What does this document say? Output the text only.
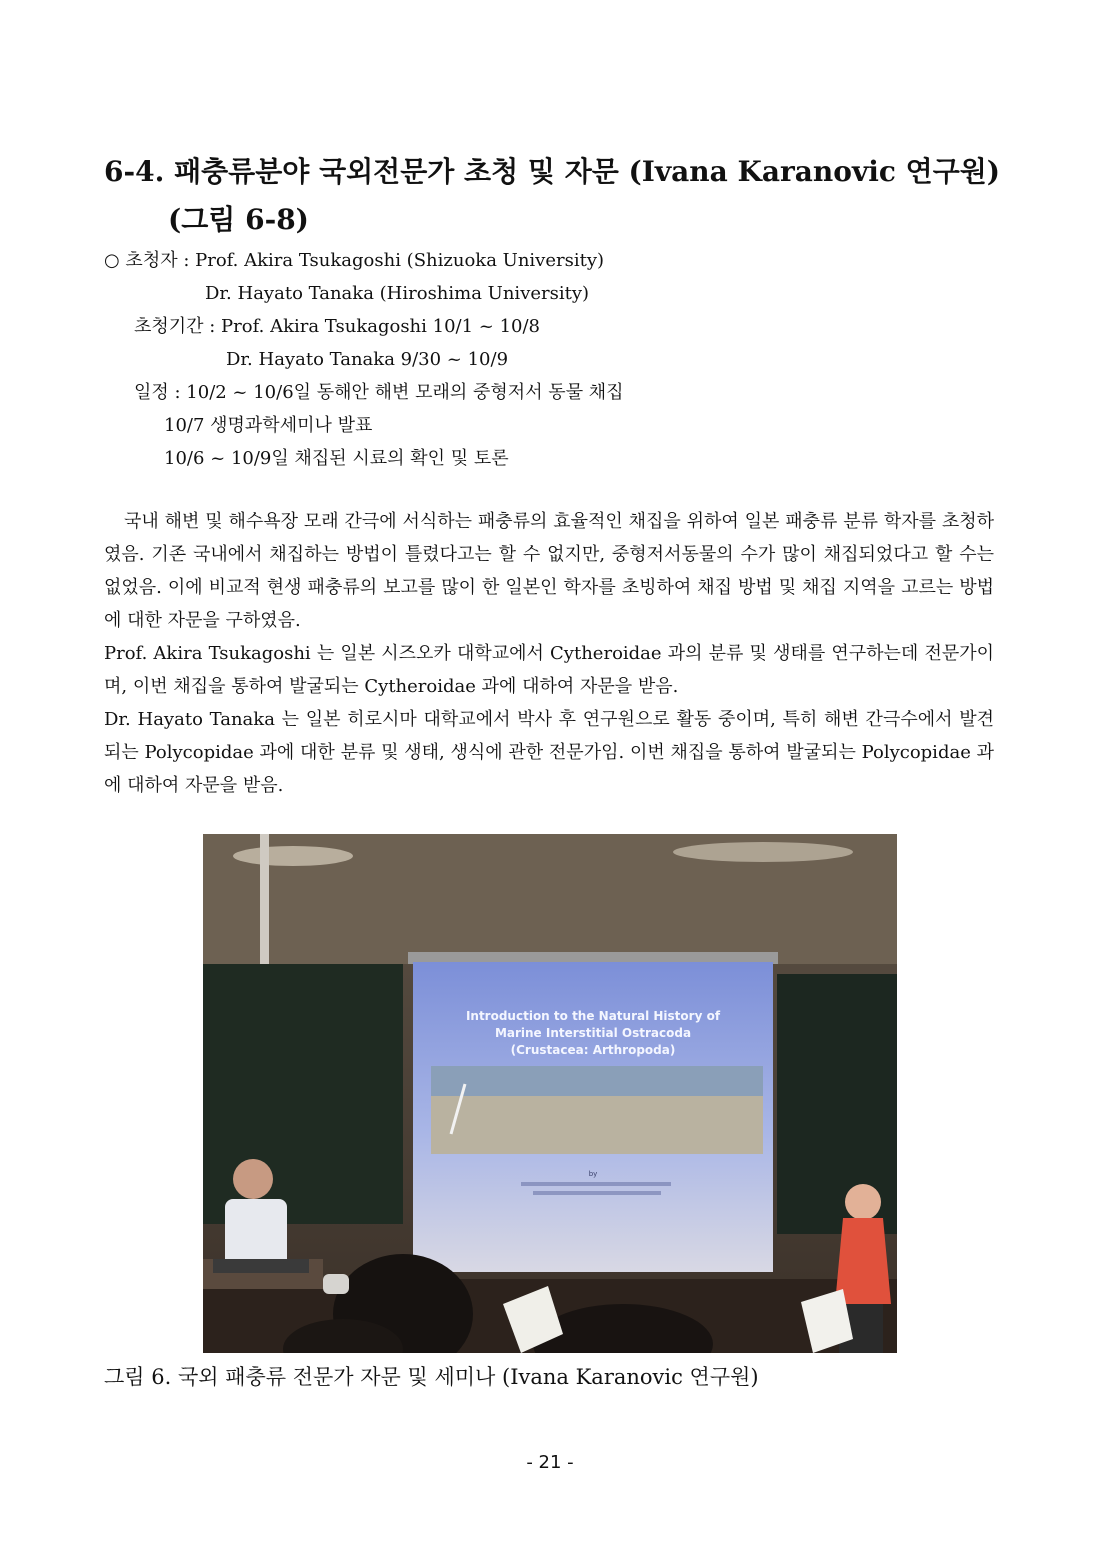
6-4. 패충류분야 국외전문가 초청 및 자문 (Ivana Karanovic 연구원)
(그림 6-8)
○ 초청자 : Prof. Akira Tsukagoshi (Shizuoka University)
Dr. Hayato Tanaka (Hiroshima University)
초청기간 : Prof. Akira Tsukagoshi 10/1 ~ 10/8
Dr. Hayato Tanaka 9/30 ~ 10/9
일정 : 10/2 ~ 10/6일 동해안 해변 모래의 중형저서 동물 채집
10/7 생명과학세미나 발표
10/6 ~ 10/9일 채집된 시료의 확인 및 토론

국내 해변 및 해수욕장 모래 간극에 서식하는 패충류의 효율적인 채집을 위하여 일본 패충류 분류 학자를 초청하였음. 기존 국내에서 채집하는 방법이 틀렸다고는 할 수 없지만, 중형저서동물의 수가 많이 채집되었다고 할 수는 없었음. 이에 비교적 현생 패충류의 보고를 많이 한 일본인 학자를 초빙하여 채집 방법 및 채집 지역을 고르는 방법에 대한 자문을 구하였음.

Prof. Akira Tsukagoshi 는 일본 시즈오카 대학교에서 Cytheroidae 과의 분류 및 생태를 연구하는데 전문가이며, 이번 채집을 통하여 발굴되는 Cytheroidae 과에 대하여 자문을 받음.

Dr. Hayato Tanaka 는 일본 히로시마 대학교에서 박사 후 연구원으로 활동 중이며, 특히 해변 간극수에서 발견되는 Polycopidae 과에 대한 분류 및 생태, 생식에 관한 전문가임. 이번 채집을 통하여 발굴되는 Polycopidae 과에 대하여 자문을 받음.

Introduction to the Natural History of
Marine Interstitial Ostracoda
(Crustacea: Arthropoda)
by
그림 6. 국외 패충류 전문가 자문 및 세미나 (Ivana Karanovic 연구원)
- 21 -
